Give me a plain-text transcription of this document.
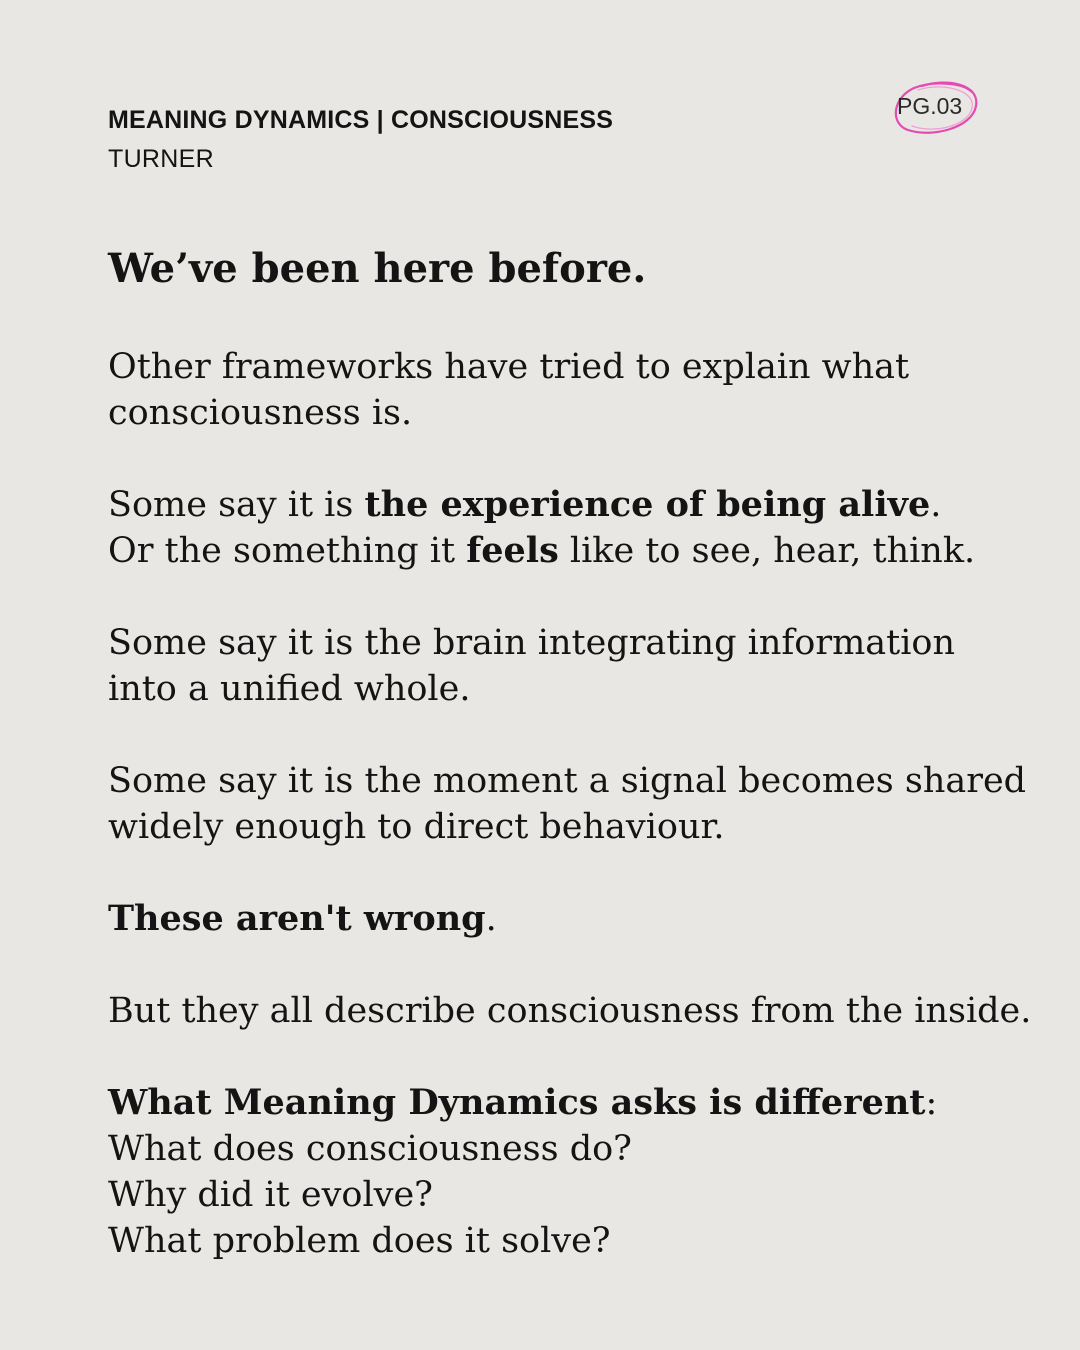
MEANING DYNAMICS | CONSCIOUSNESS
TURNER
PG.03
We’ve been here before.

Other frameworks have tried to explain what
consciousness is.

Some say it is the experience of being alive.
Or the something it feels like to see, hear, think.

Some say it is the brain integrating information
into a unified whole.

Some say it is the moment a signal becomes shared
widely enough to direct behaviour.

These aren't wrong.

But they all describe consciousness from the inside.

What Meaning Dynamics asks is different:
What does consciousness do?
Why did it evolve?
What problem does it solve?
